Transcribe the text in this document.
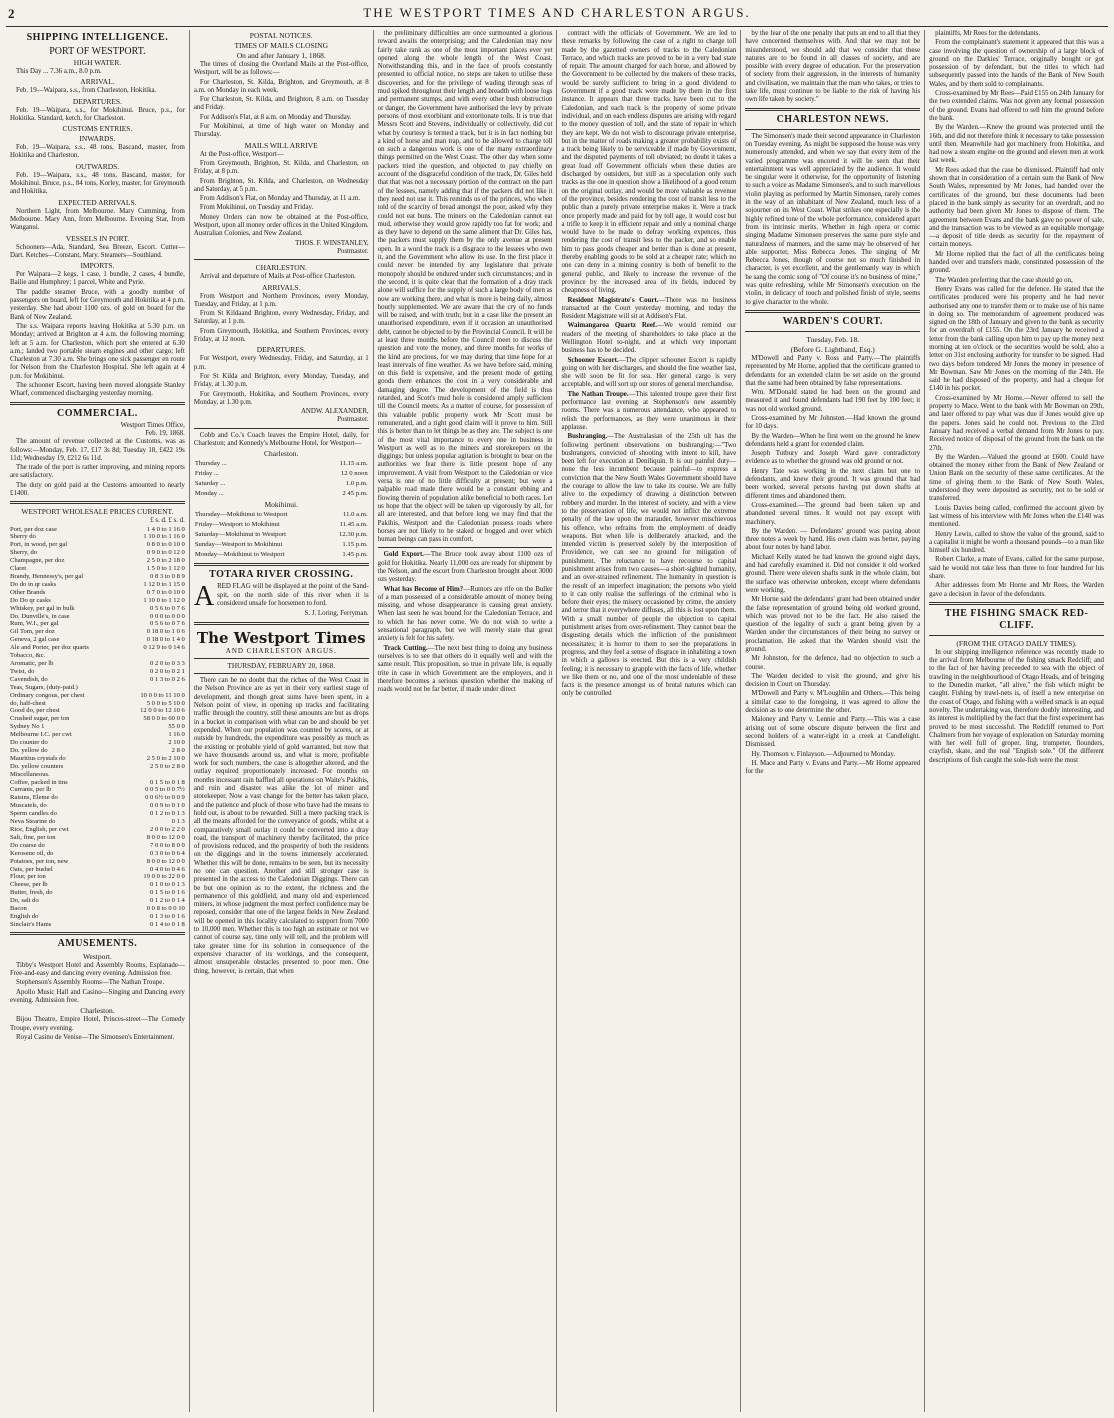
2	THE WESTPORT TIMES AND CHARLESTON ARGUS.
SHIPPING INTELLIGENCE.
PORT OF WESTPORT.
HIGH WATER.

This Day ... 7.36 a.m., 8.0 p.m.

ARRIVAL.

Feb. 19—Waipara, s.s., from Charleston, Hokitika.

DEPARTURES.

Feb. 19—Waipara, s.s., for Mokihinui. Bruce, p.s., for Hokitika. Standard, ketch, for Charleston.

CUSTOMS ENTRIES.
INWARDS.

Feb. 19—Waipara, s.s., 48 tons, Bascand, master, from Hokitika and Charleston.

OUTWARDS.

Feb. 19—Waipara, s.s., 48 tons, Bascand, master, for Mokihinui. Bruce, p.s., 84 tons, Korley, master, for Greymouth and Hokitika.

EXPECTED ARRIVALS.

Northern Light, from Melbourne. Mary Cumming, from Melbourne. Mary Ann, from Melbourne. Evening Star, from Wanganui.

VESSELS IN PORT.

Schooners—Ada, Standard, Sea Breeze, Escort. Cutter—Dart. Ketches—Constant, Mary. Steamers—Southland.

IMPORTS.

Per Waipara—2 kegs, 1 case, 1 bundle, 2 cases, 4 bundle, Bailie and Humphrey; 1 parcel, White and Pyrie.

The paddle steamer Bruce, with a goodly number of passengers on board, left for Greymouth and Hokitika at 4 p.m. yesterday. She had about 1100 ozs. of gold on board for the Bank of New Zealand.

The s.s. Waipara reports leaving Hokitika at 5.30 p.m. on Monday; arrived at Brighton at 4 a.m. the following morning; left at 5 a.m. for Charleston, which port she entered at 6.30 a.m.; landed two portable steam engines and other cargo; left Charleston at 7.30 a.m. She brings one sick passenger en route for Nelson from the Charleston Hospital. She left again at 4 p.m. for Mokihinui.

The schooner Escort, having been moved alongside Stanley Wharf, commenced discharging yesterday morning.

COMMERCIAL.
Westport Times Office,
Feb. 19, 1868.

The amount of revenue collected at the Customs, was as follows:—Monday, Feb. 17, £17 3s 8d; Tuesday 18, £422 19s 11d; Wednesday 19, £212 6s 11d.

The trade of the port is rather improving, and mining reports are satisfactory.

The duty on gold paid at the Customs amounted to nearly £1400.

WESTPORT WHOLESALE PRICES CURRENT.
£ s. d. £ s. d.
Port, per doz case	1 4 0 to 1 16 0
Sherry do	1 10 0 to 1 16 0
Port, in wood, per gal	0 8 0 to 0 10 0
Sherry, do	0 9 0 to 0 12 0
Champagne, per doz	2 5 0 to 2 18 0
Claret	1 5 0 to 1 12 0
Brandy, Hennessy's, per gal	0 8 3 to 0 8 9
Do do in qr casks	1 12 0 to 1 15 0
Other Brands	0 7 0 to 0 10 0
Do Do qr casks	1 10 0 to 1 12 0
Whiskey, per gal in bulk	0 5 6 to 0 7 6
Do. Dunville's, in case	0 0 0 to 0 0 0
Rum, W.I., per gal	0 5 6 to 0 7 6
Gil Tom, per doz	0 18 0 to 1 0 6
Geneva, 2 gal case	0 18 0 to 1 4 0
Ale and Porter, per doz quarts	0 12 9 to 0 14 6
Tobacco, &c.	
Aromatic, per lb	0 2 0 to 0 3 3
Twist, do	0 2 0 to 0 2 1
Cavendish, do	0 1 3 to 0 2 6
Teas, Sugars, (duty-paid.)	
Ordinary congous, per chest	10 0 0 to 11 10 0
do, half-chest	5 0 0 to 5 10 0
Good do, per chest	12 0 0 to 12 10 6
Crushed sugar, per ton	58 0 0 to 60 0 0
Sydney No 1	55 0 0
Melbourne I.C. per cwt	1 16 0
Do counter do	2 10 0
Do. yellow do	2 8 0
Mauritius crystals do	2 5 0 to 2 10 0
Do. yellow counters	2 5 0 to 2 8 0
Miscellaneous.	
Coffee, packed in tins	0 1 5 to 0 1 8
Currants, per lb	0 0 5 to 0 0 7½
Raisins, Eleme do	0 0 6½ to 0 0 9
Muscatels, do	0 0 9 to 0 1 0
Sperm candles do	0 1 2 to 0 1 3
Neva Stearine do	0 1 3
Rice, English, per cwt	2 0 0 to 2 2 0
Salt, fine, per ton	8 0 0 to 12 0 0
Do coarse do	7 0 0 to 8 0 0
Kerosene oil, do	0 3 0 to 0 6 4
Potatoes, per ton, new	8 0 0 to 12 0 0
Oats, per bushel	0 4 0 to 0 4 6
Flour, per ton	19 0 0 to 22 0 0
Cheese, per lb	0 1 0 to 0 1 3
Butter, fresh, do	0 1 5 to 0 1 6
Do, salt do	0 1 2 to 0 1 4
Bacon	0 0 8 to 0 0 10
English do	0 1 3 to 0 1 6
Sinclair's Hams	0 1 4 to 0 1 8
AMUSEMENTS.
Westport.

Tibby's Westport Hotel and Assembly Rooms, Esplanade—Free-and-easy and dancing every evening. Admission free.

Stephenson's Assembly Rooms—The Nathan Troupe.

Apollo Music Hall and Casino—Singing and Dancing every evening. Admission free.

Charleston.

Bijou Theatre, Empire Hotel, Princes-street—The Comedy Troupe, every evening.

Royal Casino de Venise—The Simonsen's Entertainment.

POSTAL NOTICES.
TIMES OF MAILS CLOSING
On and after January 1, 1868.

The times of closing the Overland Mails at the Post-office, Westport, will be as follows:—

For Charleston, St. Kilda, Brighton, and Greymouth, at 8 a.m. on Monday in each week.

For Charleston, St. Kilda, and Brighton, 8 a.m. on Tuesday and Friday.

For Addison's Flat, at 8 a.m. on Monday and Thursday.

For Mokihinui, at time of high water on Monday and Thursday.

MAILS WILL ARRIVE

At the Post-office, Westport—

From Greymouth, Brighton, St. Kilda, and Charleston, on Friday, at 8 p.m.

From Brighton, St. Kilda, and Charleston, on Wednesday and Saturday, at 5 p.m.

From Addison's Flat, on Monday and Thursday, at 11 a.m.

From Mokihinui, on Tuesday and Friday.

Money Orders can now be obtained at the Post-office, Westport, upon all money order offices in the United Kingdom. Australian Colonies, and New Zealand.

THOS. F. WINSTANLEY,
Postmaster.
CHARLESTON.

Arrival and departure of Mails at Post-office Charleston.

ARRIVALS.

From Westport and Northern Provinces, every Monday, Tuesday, and Friday, at 1 p.m.

From St Kildaand Brighton, every Wednesday, Friday, and Saturday, at 1 p.m.

From Greymouth, Hokitika, and Southern Provinces, every Friday, at 12 noon.

DEPARTURES.

For Westport, every Wednesday, Friday, and Saturday, at 1 p.m.

For St Kilda and Brighton, every Monday, Tuesday, and Friday, at 1.30 p.m.

For Greymouth, Hokitika, and Southern Provinces, every Monday, at 1.30 p.m.

ANDW. ALEXANDER,
Postmaster.

Cobb and Co.'s Coach leaves the Empire Hotel, daily, for Charleston; and Kennedy's Melbourne Hotel, for Westport—

Charleston.
Thursday ...	11.15 a.m.
Friday ...	12 0 noon
Saturday ...	1.0 p.m.
Monday ...	2 45 p.m.
Mokihinui.
Thursday—Mokihinui to Westport	11.0 a.m.
Friday—Westport to Mokihinui	11.45 a.m.
Saturday—Mokihinui to Westport	12.30 p.m.
Sunday—Westport to Mokihinui	1.15 p.m.
Monday—Mokihinui to Westport	1.45 p.m.
TOTARA RIVER CROSSING.
A RED FLAG will be displayed at the point of the Sand-spit, on the north side of this river when it is considered unsafe for horsemen to ford.
S. J. Loring, Ferryman.
The Westport Times
AND CHARLESTON ARGUS.
THURSDAY, FEBRUARY 20, 1868.

There can be no doubt that the riches of the West Coast in the Nelson Province are as yet in their very earliest stage of development, and though great sums have been spent, in a Nelson point of view, in opening up tracks and facilitating traffic through the country, still these amounts are but as drops in a bucket in comparison with what can be and should be yet expended. When our population was counted by scores, or at outside by hundreds, the expenditure was possibly as much as the existing or probable yield of gold warranted, but now that we have thousands around us, and what is more, profitable work for such numbers, the case is altogether altered, and the outlay required proportionately increased. For months on months incessant rain baffled all operations on Waite's Pakihis, and ruin and disaster was alike the lot of miner and storekeeper. Now a vast change for the better has taken place, and the patience and pluck of those who have had the means to hold out, is about to be rewarded. Still a mere packing track is all the means afforded for the conveyance of goods, whilst at a comparatively small outlay it could be converted into a dray road, the transport of machinery thereby facilitated, the price of provisions reduced, and the prosperity of both the residents on the diggings and in the towns immensely accelerated. Whether this will be done, remains to be seen, but its necessity no one can question. Another and still stronger case is presented in the access to the Caledonian Diggings. There can be but one opinion as to the extent, the richness and the permanence of this goldfield, and many old and experienced miners, in whose judgment the most perfect confidence may be reposed, consider that one of the largest fields in New Zealand will be opened in this locality calculated to support from 7000 to 10,000 men. Whether this is too high an estimate or not we cannot of course say, time only will tell, and the problem will take greater time for its solution in consequence of the expensive character of its workings, and the consequent, almost unsuperable obstacles presented to poor men. One thing, however, is certain, that when

the preliminary difficulties are once surmounted a glorious reward awaits the enterprising; and the Caledonian may now fairly take rank as one of the most important places ever yet opened along the whole length of the West Coast. Notwithstanding this, and in the face of proofs constantly presented to official notice, no steps are taken to utilise these discoveries, and for the privilege of wading through seas of mud spiked throughout their length and breadth with loose logs and permanent stumps, and with every other bush obstruction or danger, the Government have authorised the levy by private persons of most exorbitant and extortionate tolls. It is true that Messrs Scott and Stevens, individually or collectively, did cut what by courtesy is termed a track, but it is in fact nothing but a kind of horse and man trap, and to be allowed to charge toll on such a dangerous work is one of the many extraordinary things permitted on the West Coast. The other day when some packers tried the question, and objected to pay chiefly on account of the disgraceful condition of the track, Dr. Giles held that that was not a necessary portion of the contract on the part of the lessees, namely adding that if the packers did not like it they need not use it. This reminds us of the princes, who when told of the scarcity of bread amongst the poor, asked why they could not eat buns. The miners on the Caledonian cannot eat mud, otherwise they would grow rapidly too fat for work; and as they have to depend on the same aliment that Dr. Giles has, the packers must supply them by the only avenue at present open. In a word the track is a disgrace to the lessees who own it, and the Government who allow its use. In the first place it could never be intended by any legislature that private monopoly should be endured under such circumstances; and in the second, it is quite clear that the formation of a dray track alone will suffice for the supply of such a large body of men as now are working there, and what is more is being daily, almost hourly supplemented. We are aware that the cry of no funds will be raised, and with truth; but in a case like the present an unauthorised expenditure, even if it occasion an unauthorised debt, cannot be objected to by the Provincial Council. It will be at least three months before the Council meet to discuss the question and vote the money, and three months for works of the kind are precious, for we may during that time hope for at least intervals of fine weather. As we have before said, mining on this field is expensive, and the present mode of getting goods there enhances the cost in a very considerable and damaging degree. The development of the field is thus retarded, and Scott's mud hole is considered amply sufficient till the Council meets. As a matter of course, for possession of this valuable public property work Mr Scott must be remunerated, and a right good claim will it prove to him. Still this is better than to let things be as they are. The subject is one of the most vital importance to every one in business in Westport as well as to the miners and storekeepers on the diggings; but unless popular agitation is brought to bear on the authorities we fear there is little present hope of any improvement. A visit from Westport to the Caledonian or vice versa is one of no little difficulty at present; but were a palpable road made there would be a constant ebbing and flowing therein of population alike beneficial to both races. Let us hope that the object will be taken up vigorously by all, for all are interested, and that before long we may find that the Pakihis, Westport and the Caledonian possess roads where horses are not likely to be staked or bogged and over which human beings can pass in comfort.

Gold Export.—The Bruce took away about 1100 ozs of gold for Hokitika. Nearly 11,000 ozs are ready for shipment by the Nelson, and the escort from Charleston brought about 3000 ozs yesterday.

What has Become of Him?—Rumors are rife on the Buller of a man possessed of a considerable amount of money being missing, and whose disappearance is causing great anxiety. When last seen he was bound for the Caledonian Terrace, and to which he has never come. We do not wish to write a sensational paragraph, but we will merely state that great anxiety is felt for his safety.

Track Cutting.—The next best thing to doing any business ourselves is to see that others do it equally well and with the same result. This proposition, so true in private life, is equally trite in case in which Government are the employers, and it therefore becomes a serious question whether the making of roads would not be far better, if made under direct

contract with the officials of Government. We are led to these remarks by following the case of a right to charge toll made by the gazetted owners of tracks to the Caledonian Terrace, and which tracks are proved to be in a very bad state of repair. The amount charged for each horse, and allowed by the Government to be collected by the makers of these tracks, would be surely sufficient to bring in a good dividend to Government if a good track were made by them in the first instance. It appears that three tracks have been cut to the Caledonian, and each track is the property of some private individual, and on each endless disputes are arising with regard to the money question of toll, and the state of repair in which they are kept. We do not wish to discourage private enterprise, but in the matter of roads making a greater probability exists of a track being likely to be serviceable if made by Government, and the disputed payments of toll obviated; no doubt it takes a great load off Government officials when these duties are discharged by outsiders, but still as a speculation only such tracks as the one in question show a likelihood of a good return on the original outlay, and would be more valuable as revenue of the province, besides rendering the cost of transit less to the public than a purely private enterprise makes it. Were a track once properly made and paid for by toll age, it would cost but a trifle to keep it in efficient repair and only a nominal charge would have to be made to defray working expences, thus rendering the cost of transit less to the packer, and so enable him to pass goods cheaper and better than is done at present, thereby enabling goods to be sold at a cheaper rate; which no one can deny in a mining country is both of benefit to the general public, and likely to increase the revenue of the province by the increased area of its fields, induced by cheapness of living.

Resident Magistrate's Court.—There was no business transacted at the Court yesterday morning, and today the Resident Magistrate will sit at Addison's Flat.

Waimangaroa Quartz Reef.—We would remind our readers of the meeting of shareholders to take place at the Wellington Hotel to-night, and at which very important business has to be decided.

Schooner Escort.—The clipper schooner Escort is rapidly going on with her discharges, and should the fine weather last, she will soon be fit for sea. Her general cargo is very acceptable, and will sort up our stores of general merchandise.

The Nathan Troupe.—This talented troupe gave their first performance last evening at Stephenson's new assembly rooms. There was a numerous attendance, who appeared to relish the performances, as they were unanimous in their applause.

Bushranging.—The Australasian of the 25th ult has the following pertinent observations on bushranging:—"Two bushrangers, convicted of shooting with intent to kill, have been left for execution at Deniliquin. It is our painful duty—none the less incumbent because painful—to express a conviction that the New South Wales Government should have the courage to allow the law to take its course. We are fully alive to the expediency of drawing a distinction between robbery and murder. In the interest of society, and with a view to the preservation of life, we would not inflict the extreme penalty of the law upon the marauder, however mischievous his offence, who refrains from the employment of deadly weapons. But when life is deliberately attacked, and the intended victim is preserved solely by the interposition of Providence, we can see no ground for mitigation of punishment. The reluctance to have recourse to capital punishment arises from two causes—a short-sighted humanity, and an over-strained refinement. The humanity in question is the result of an imperfect imagination; the persons who yield to it can only realise the sufferings of the criminal who is before their eyes; the misery occasioned by crime, the anxiety and terror that it everywhere diffuses, all this is lost upon them. With a small number of people the objection to capital punishment arises from over-refinement. They cannot bear the disgusting details which the infliction of the punishment necessitates; it is horror to them to see the preparations in progress, and they feel a sense of disgrace in inhabiting a town in which a gallows is erected. But this is a very childish feeling; it is necessary to grapple with the facts of life, whether we like them or no, and one of the most undeniable of these facts is the presence amongst us of brutal natures which can only be controlled

by the fear of the one penalty that puts an end to all that they have concerned themselves with. And that we may not be misunderstood, we should add that we consider that these natures are to be found in all classes of society, and are possible with every degree of education. For the preservation of society from their aggression, in the interests of humanity and civilisation, we maintain that the man who takes, or tries to take life, must continue to be liable to the risk of having his own life taken by society."

CHARLESTON NEWS.

The Simonsen's made their second appearance in Charleston on Tuesday evening. As might be supposed the house was very numerously attended, and when we say that every item of the varied programme was encored it will be seen that their entertainment was well appreciated by the audience. It would be singular were it otherwise, for the opportunity of listening to such a voice as Madame Simonsen's, and to such marvellous violin playing as performed by Martin Simonsen, rarely comes in the way of an inhabitant of New Zealand, much less of a sojourner on its West Coast. What strikes one especially is the highly refined tone of the whole performance, considered apart from its intrinsic merits. Whether in high opera or comic singing Madame Simonsen preserves the same pure style and naturalness of manners, and the same may be observed of her able supporter, Miss Rebecca Jones. The singing of Mr Rebecca Jones, though of course not so much finished in character, is yet excellent, and the gentlemanly way in which he sang the comic song of "Of course it's no business of mine," was quite refreshing, while Mr Simonsen's execution on the violin, in delicacy of touch and polished finish of style, seems to give character to the whole.

WARDEN'S COURT.
Tuesday, Feb. 18.
(Before G. Lightband, Esq.)

M'Dowell and Party v. Ross and Party.—The plaintiffs represented by Mr Horne, applied that the certificate granted to defendants for an extended claim be set aside on the ground that the same had been obtained by false representations.

Wm. M'Donald stated he had been on the ground and measured it and found defendants had 190 feet by 100 feet; it was not old worked ground.

Cross-examined by Mr Johnston.—Had known the ground for 10 days.

By the Warden—When he first went on the ground he knew defendants held a grant for extended claim.

Joseph Tutbury and Joseph Ward gave contradictory evidence as to whether the ground was old ground or not.

Henry Tate was working in the next claim but one to defendants, and knew their ground. It was ground that had been worked, several persons having put down shafts at different times and abandoned them.

Cross-examined.—The ground had been taken up and abandoned several times. It would not pay except with machinery.

By the Warden. — Defendants' ground was paying about three notes a week by hand. His own claim was better, paying about four notes by hand labor.

Michael Kelly stated he had known the ground eight days, and had carefully examined it. Did not consider it old worked ground. There were eleven shafts sunk in the whole claim, but the surface was otherwise unbroken, except where defendants were working.

Mr Horne said the defendants' grant had been obtained under the false representation of ground being old worked ground, which was proved not to be the fact. He also raised the question of the legality of such a grant being given by a Warden under the circumstances of their being no survey or proclamation. He asked that the Warden should visit the ground.

Mr Johnston, for the defence, had no objection to such a course.

The Warden decided to visit the ground, and give his decision in Court on Thursday.

M'Dowell and Party v. M'Loughlin and Others.—This being a similar case to the foregoing, it was agreed to allow the decision as to one determine the other.

Maloney and Party v. Lennie and Party.—This was a case arising out of some obscure dispute between the first and second holders of a water-right in a creek at Candlelight. Dismissed.

Hy. Thomson v. Finlayson.—Adjourned to Monday.

H. Mace and Party v. Evans and Party.—Mr Horne appeared for the

plaintiffs, Mr Rees for the defendants.

From the complainant's statement it appeared that this was a case involving the question of ownership of a large block of ground on the Darkies' Terrace, originally bought or got possession of by defendant, but the titles to which had subsequently passed into the hands of the Bank of New South Wales, and by them sold to complainants.

Cross-examined by Mr Rees—Paid £155 on 24th January for the two extended claims. Was not given any formal possession of the ground. Evans had offered to sell him the ground before the bank.

By the Warden.—Knew the ground was protected until the 16th, and did not therefore think it necessary to take possession until then. Meanwhile had got machinery from Hokitika, and had now a steam engine on the ground and eleven men at work last week.

Mr Rees asked that the case be dismissed. Plaintiff had only shown that in consideration of a certain sum the Bank of New South Wales, represented by Mr Jones, had handed over the certificates of the ground, but these documents had been placed in the bank simply as security for an overdraft, and no authority had been given Mr Jones to dispose of them. The agreement between Evans and the bank gave no power of sale, and the transaction was to be viewed as an equitable mortgage—a deposit of title deeds as security for the repayment of certain moneys.

Mr Horne replied that the fact of all the certificates being handed over and transfers made, constituted possession of the ground.

The Warden preferring that the case should go on,

Henry Evans was called for the defence. He stated that the certificates produced were his property and he had never authorised any one to transfer them or to make use of his name in doing so. The memorandum of agreement produced was signed on the 18th of January and given to the bank as security for an overdraft of £155. On the 23rd January he received a letter from the bank calling upon him to pay up the money next morning at ten o'clock or the securities would be sold, also a letter on 31st enclosing authority for transfer to be signed. Had two days before tendered Mr Jones the money in presence of Mr Bowman. Saw Mr Jones on the morning of the 24th. He said he had disposed of the property, and had a cheque for £140 in his pocket.

Cross-examined by Mr Horne.—Never offered to sell the property to Mace. Went to the bank with Mr Bowman on 29th, and later offered to pay what was due if Jones would give up the papers. Jones said he could not. Previous to the 23rd January had received a verbal demand from Mr Jones to pay. Received notice of disposal of the ground from the bank on the 27th.

By the Warden.—Valued the ground at £600. Could have obtained the money either from the Bank of New Zealand or Union Bank on the security of these same certificates. At the time of giving them to the Bank of New South Wales, understood they were deposited as security, not to be sold or transferred.

Louis Davies being called, confirmed the account given by last witness of his interview with Mr Jones when the £140 was mentioned.

Henry Lewis, called to show the value of the ground, said to a capitalist it might be worth a thousand pounds—to a man like himself six hundred.

Robert Clarke, a mate of Evans, called for the same purpose, said he would not take less than three to four hundred for his share.

After addresses from Mr Horne and Mr Rees, the Warden gave a decision in favor of the defendants.

THE FISHING SMACK RED-CLIFF.
(FROM THE OTAGO DAILY TIMES).

In our shipping intelligence reference was recently made to the arrival from Melbourne of the fishing smack Redcliff; and to the fact of her having preceeded to sea with the object of trawling in the neighbourhood of Otago Heads, and of bringing to the Dunedin market, "all alive," the fish which might be caught. Fishing by trawl-nets is, of itself a new enterprise on the coast of Otago, and fishing with a welled smack is an equal novelty. The undertaking was, therefore doubly interesting, and its interest is multiplied by the fact that the first experiment has proved to be most successful. The Redcliff returned to Port Chalmers from her voyage of exploration on Saturday morning with her well full of groper, ling, trumpeter, flounders, crayfish, skate, and the real "English sole." Of the different descriptions of fish caught the sole-fish were the most
